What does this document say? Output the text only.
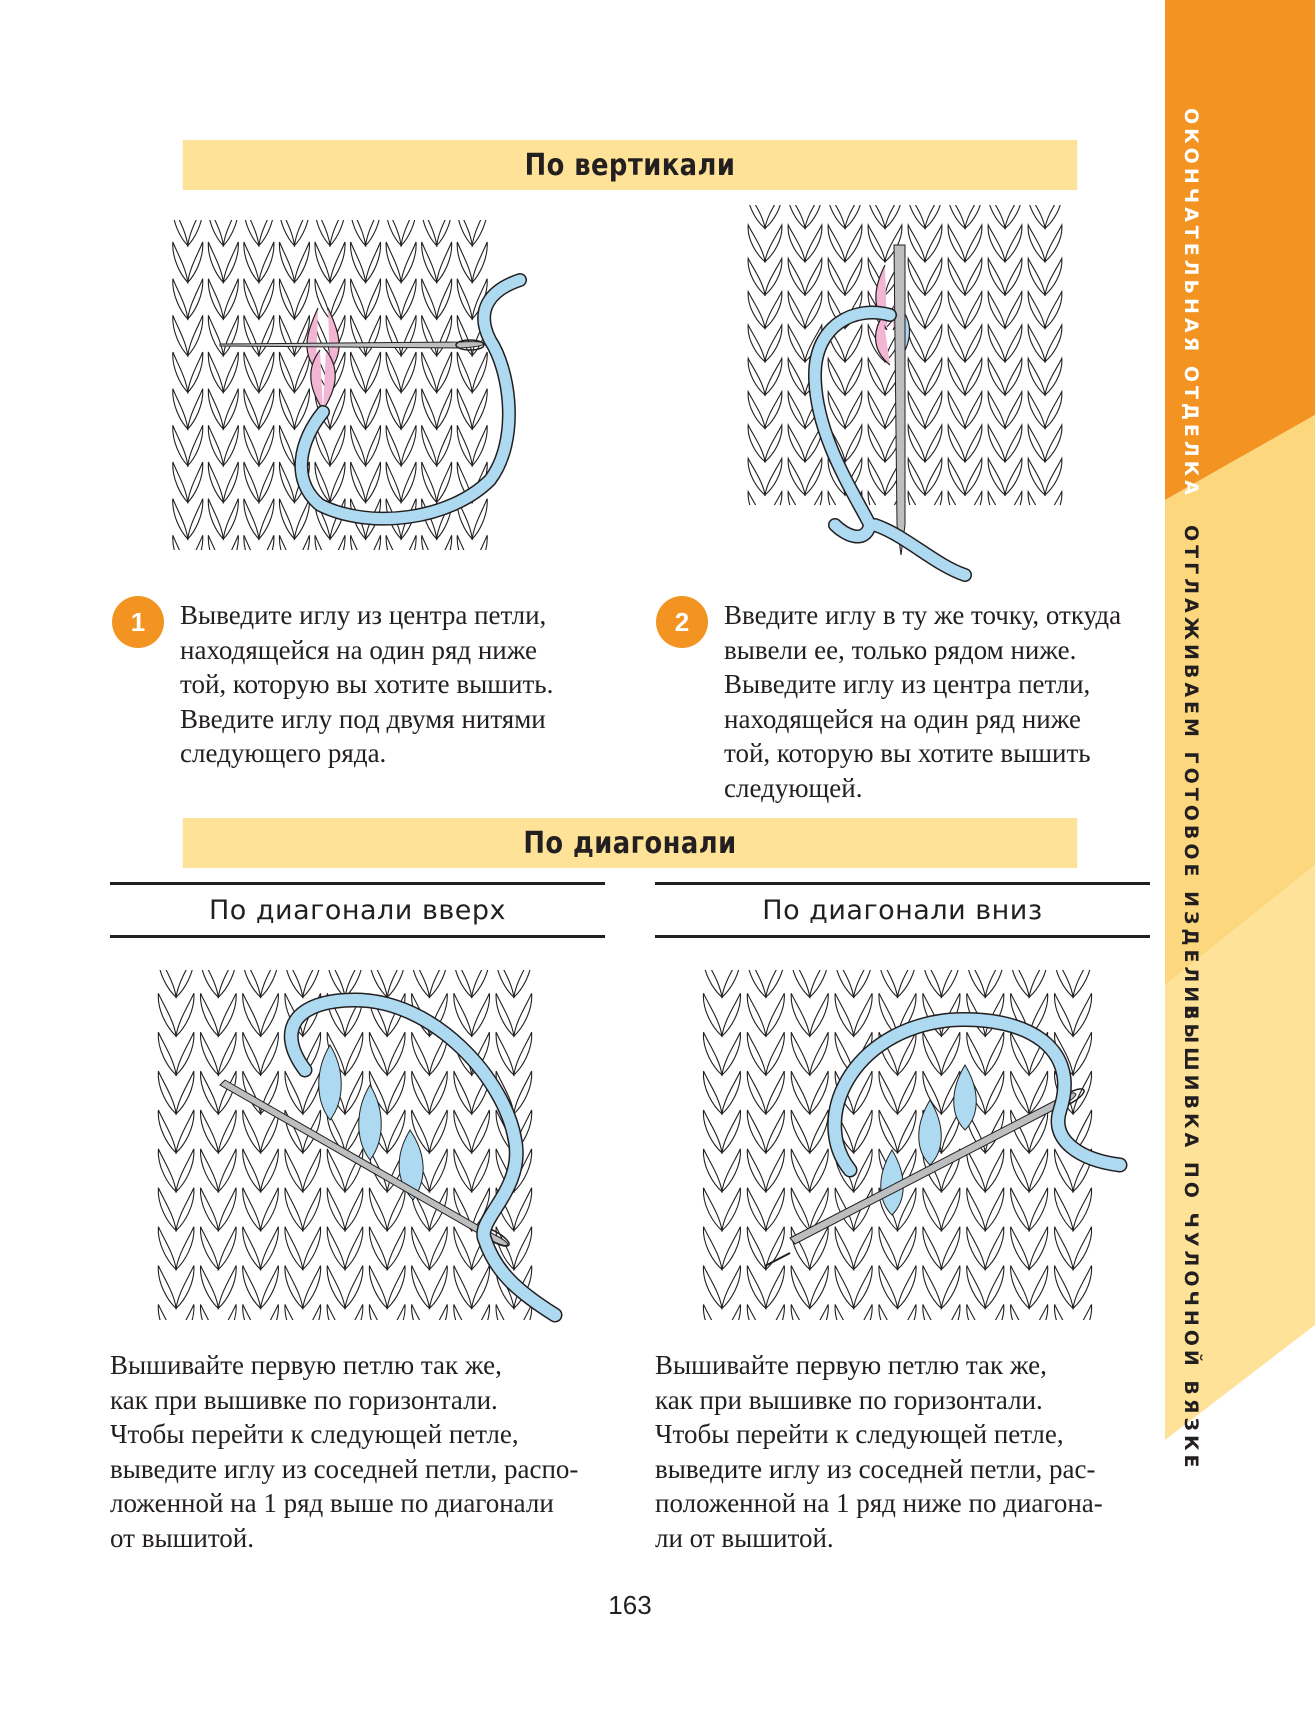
ОКОНЧАТЕЛЬНАЯ ОТДЕЛКА
ОТГЛАЖИВАЕМ ГОТОВОЕ ИЗДЕЛИЕ
ВЫШИВКА ПО ЧУЛОЧНОЙ ВЯЗКЕ
По вертикали
1	Выведите иглу из центра петли,
находящейся на один ряд ниже
той, которую вы хотите вышить.
Введите иглу под двумя нитями
следующего ряда.
2	Введите иглу в ту же точку, откуда
вывели ее, только рядом ниже.
Выведите иглу из центра петли,
находящейся на один ряд ниже
той, которую вы хотите вышить
следующей.
По диагонали
По диагонали вверх	По диагонали вниз
Вышивайте первую петлю так же,
как при вышивке по горизонтали.
Чтобы перейти к следующей петле,
выведите иглу из соседней петли, распо-
ложенной на 1 ряд выше по диагонали
от вышитой.
Вышивайте первую петлю так же,
как при вышивке по горизонтали.
Чтобы перейти к следующей петле,
выведите иглу из соседней петли, рас-
положенной на 1 ряд ниже по диагона-
ли от вышитой.
163
